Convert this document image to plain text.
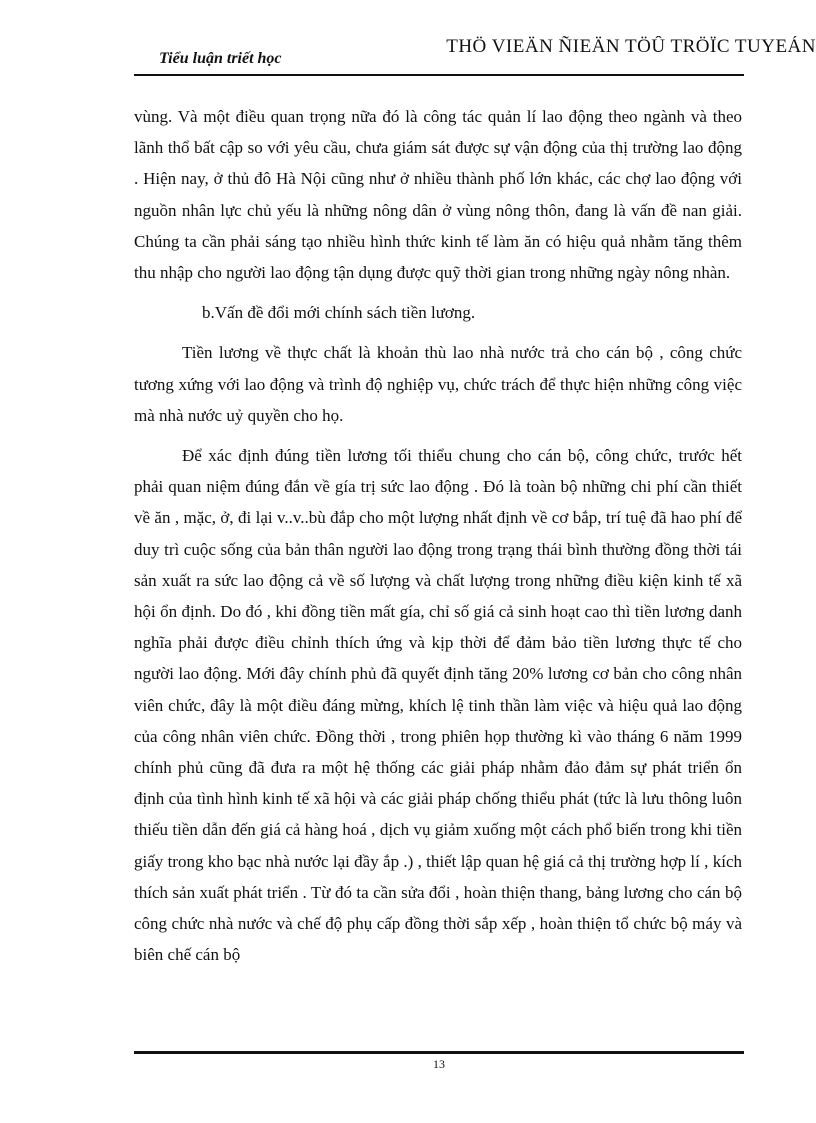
THÖ VIEÄN ÑIEÄN TÖÛ TRÖÏC TUYEÁN
Tiểu luận triết học

vùng. Và một điều quan trọng nữa đó là công tác quản lí lao động theo ngành và theo lãnh thổ bất cập so với yêu cầu, chưa giám sát được sự vận động của thị trường lao động . Hiện nay, ở thủ đô Hà Nội cũng như ở nhiều thành phố lớn khác, các chợ lao động với nguồn nhân lực chủ yếu là những nông dân ở vùng nông thôn, đang là vấn đề nan giải. Chúng ta cần phải sáng tạo nhiều hình thức kinh tế làm ăn có hiệu quả nhằm tăng thêm thu nhập cho người lao động tận dụng được quỹ thời gian trong những ngày nông nhàn.

b.Vấn đề đổi mới chính sách tiền lương.

Tiền lương về thực chất là khoản thù lao nhà nước trả cho cán bộ , công chức tương xứng với lao động và trình độ nghiệp vụ, chức trách để thực hiện những công việc mà nhà nước uỷ quyền cho họ.

Để xác định đúng tiền lương tối thiểu chung cho cán bộ, công chức, trước hết phải quan niệm đúng đắn về gía trị sức lao động . Đó là toàn bộ những chi phí cần thiết về ăn , mặc, ở, đi lại v..v..bù đắp cho một lượng nhất định về cơ bắp, trí tuệ đã hao phí để duy trì cuộc sống của bản thân người lao động trong trạng thái bình thường đồng thời tái sản xuất ra sức lao động cả về số lượng và chất lượng trong những điều kiện kinh tế xã hội ổn định. Do đó , khi đồng tiền mất gía, chỉ số giá cả sinh hoạt cao thì tiền lương danh nghĩa phải được điều chỉnh thích ứng và kịp thời để đảm bảo tiền lương thực tế cho người lao động. Mới đây chính phủ đã quyết định tăng 20% lương cơ bản cho công nhân viên chức, đây là một điều đáng mừng, khích lệ tinh thần làm việc và hiệu quả lao động của công nhân viên chức. Đồng thời , trong phiên họp thường kì vào tháng 6 năm 1999 chính phủ cũng đã đưa ra một hệ thống các giải pháp nhằm đảo đảm sự phát triển ổn định của tình hình kinh tế xã hội và các giải pháp chống thiểu phát (tức là lưu thông luôn thiếu tiền dẫn đến giá cả hàng hoá , dịch vụ giảm xuống một cách phổ biến trong khi tiền giấy trong kho bạc nhà nước lại đầy ắp .) , thiết lập quan hệ giá cả thị trường hợp lí , kích thích sản xuất phát triển . Từ đó ta cần sửa đổi , hoàn thiện thang, bảng lương cho cán bộ công chức nhà nước và chế độ phụ cấp đồng thời sắp xếp , hoàn thiện tổ chức bộ máy và biên chế cán bộ

13
